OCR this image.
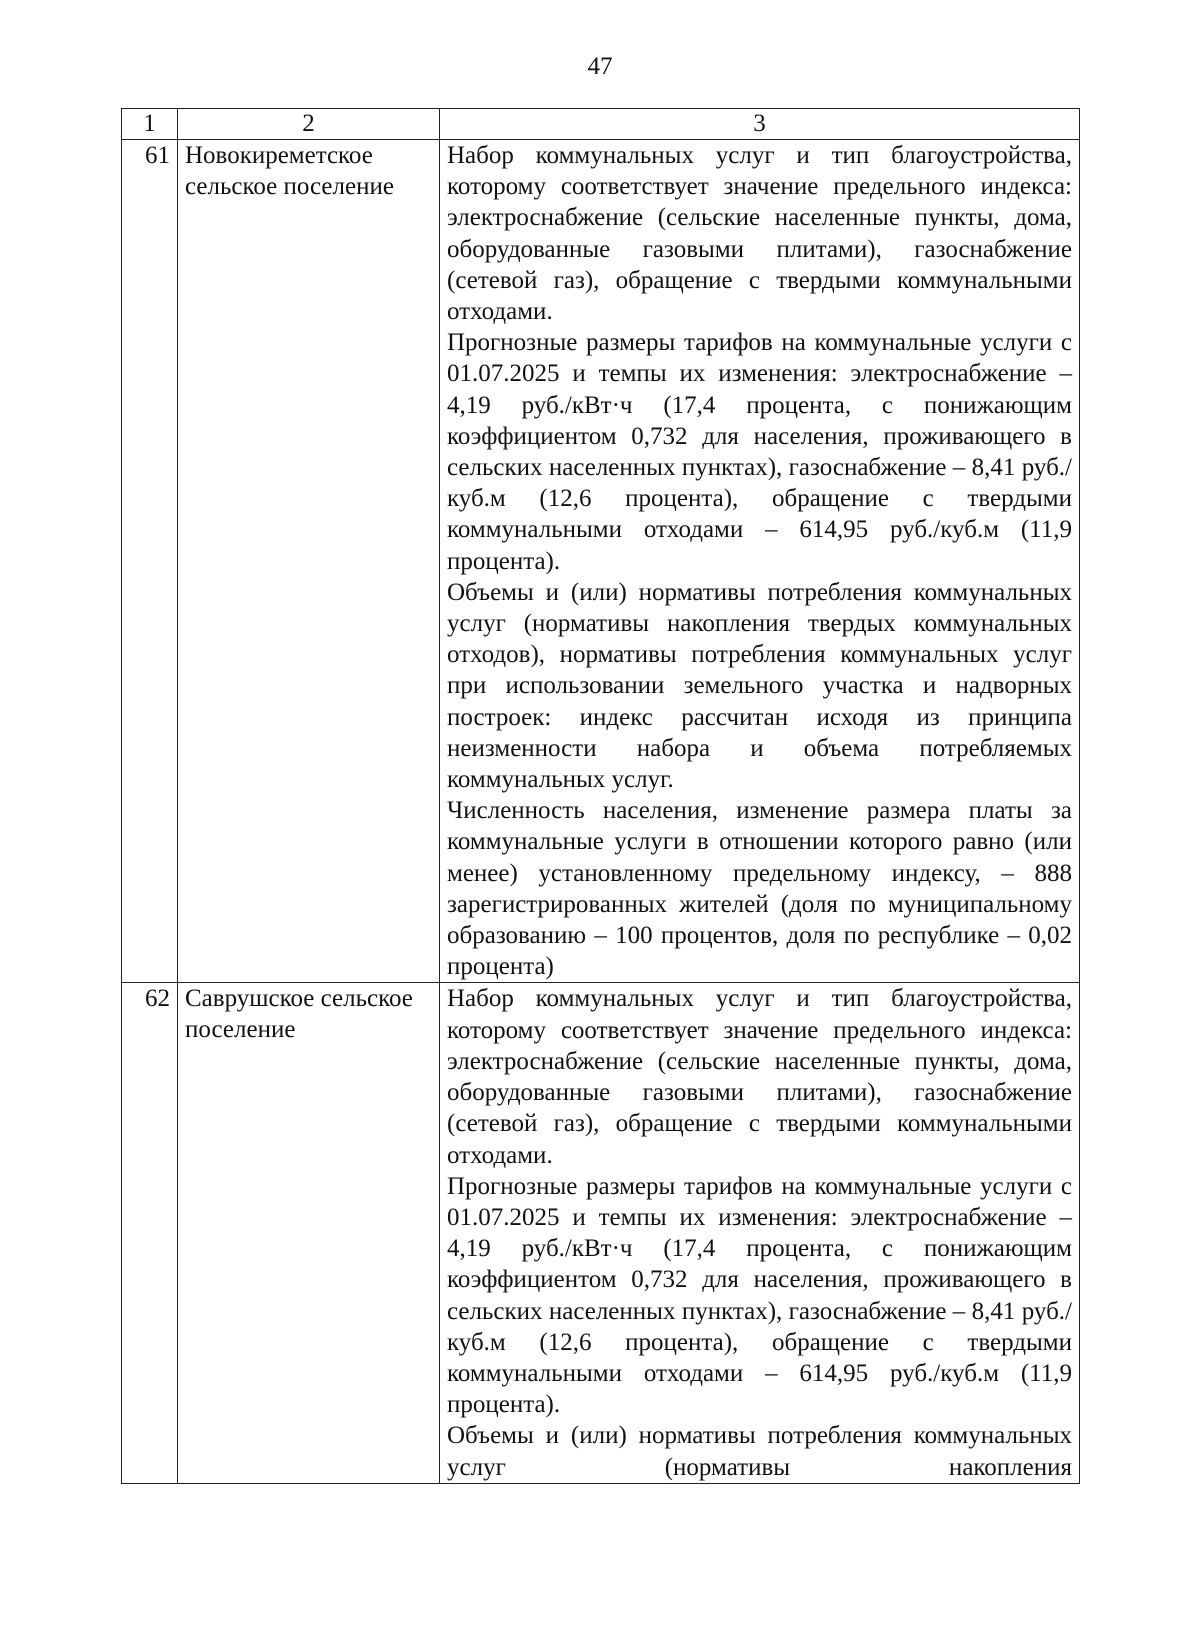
47
1	2	3
61	Новокиреметское сельское поселение	Набор коммунальных услуг и тип благоустройства, которому соответствует значение предельного индекса: электроснабжение (сельские населенные пункты, дома, оборудованные газовыми плитами), газоснабжение (сетевой газ), обращение с твердыми коммунальными отходами.

Прогнозные размеры тарифов на коммунальные услуги с 01.07.2025 и темпы их изменения: электроснабжение – 4,19 руб./кВт·ч (17,4 процента, с понижающим коэффициентом 0,732 для населения, проживающего в сельских населенных пунктах), газоснабжение – 8,41 руб./куб.м (12,6 процента), обращение с твердыми коммунальными отходами – 614,95 руб./куб.м (11,9 процента).

Объемы и (или) нормативы потребления коммунальных услуг (нормативы накопления твердых коммунальных отходов), нормативы потребления коммунальных услуг при использовании земельного участка и надворных построек: индекс рассчитан исходя из принципа неизменности набора и объема потребляемых коммунальных услуг.

Численность населения, изменение размера платы за коммунальные услуги в отношении которого равно (или менее) установленному предельному индексу, – 888 зарегистрированных жителей (доля по муниципальному образованию – 100 процентов, доля по республике – 0,02 процента)

62	Саврушское сельское поселение	Набор коммунальных услуг и тип благоустройства, которому соответствует значение предельного индекса: электроснабжение (сельские населенные пункты, дома, оборудованные газовыми плитами), газоснабжение (сетевой газ), обращение с твердыми коммунальными отходами.

Прогнозные размеры тарифов на коммунальные услуги с 01.07.2025 и темпы их изменения: электроснабжение – 4,19 руб./кВт·ч (17,4 процента, с понижающим коэффициентом 0,732 для населения, проживающего в сельских населенных пунктах), газоснабжение – 8,41 руб./куб.м (12,6 процента), обращение с твердыми коммунальными отходами – 614,95 руб./куб.м (11,9 процента).

Объемы и (или) нормативы потребления коммунальных услуг (нормативы накопления
